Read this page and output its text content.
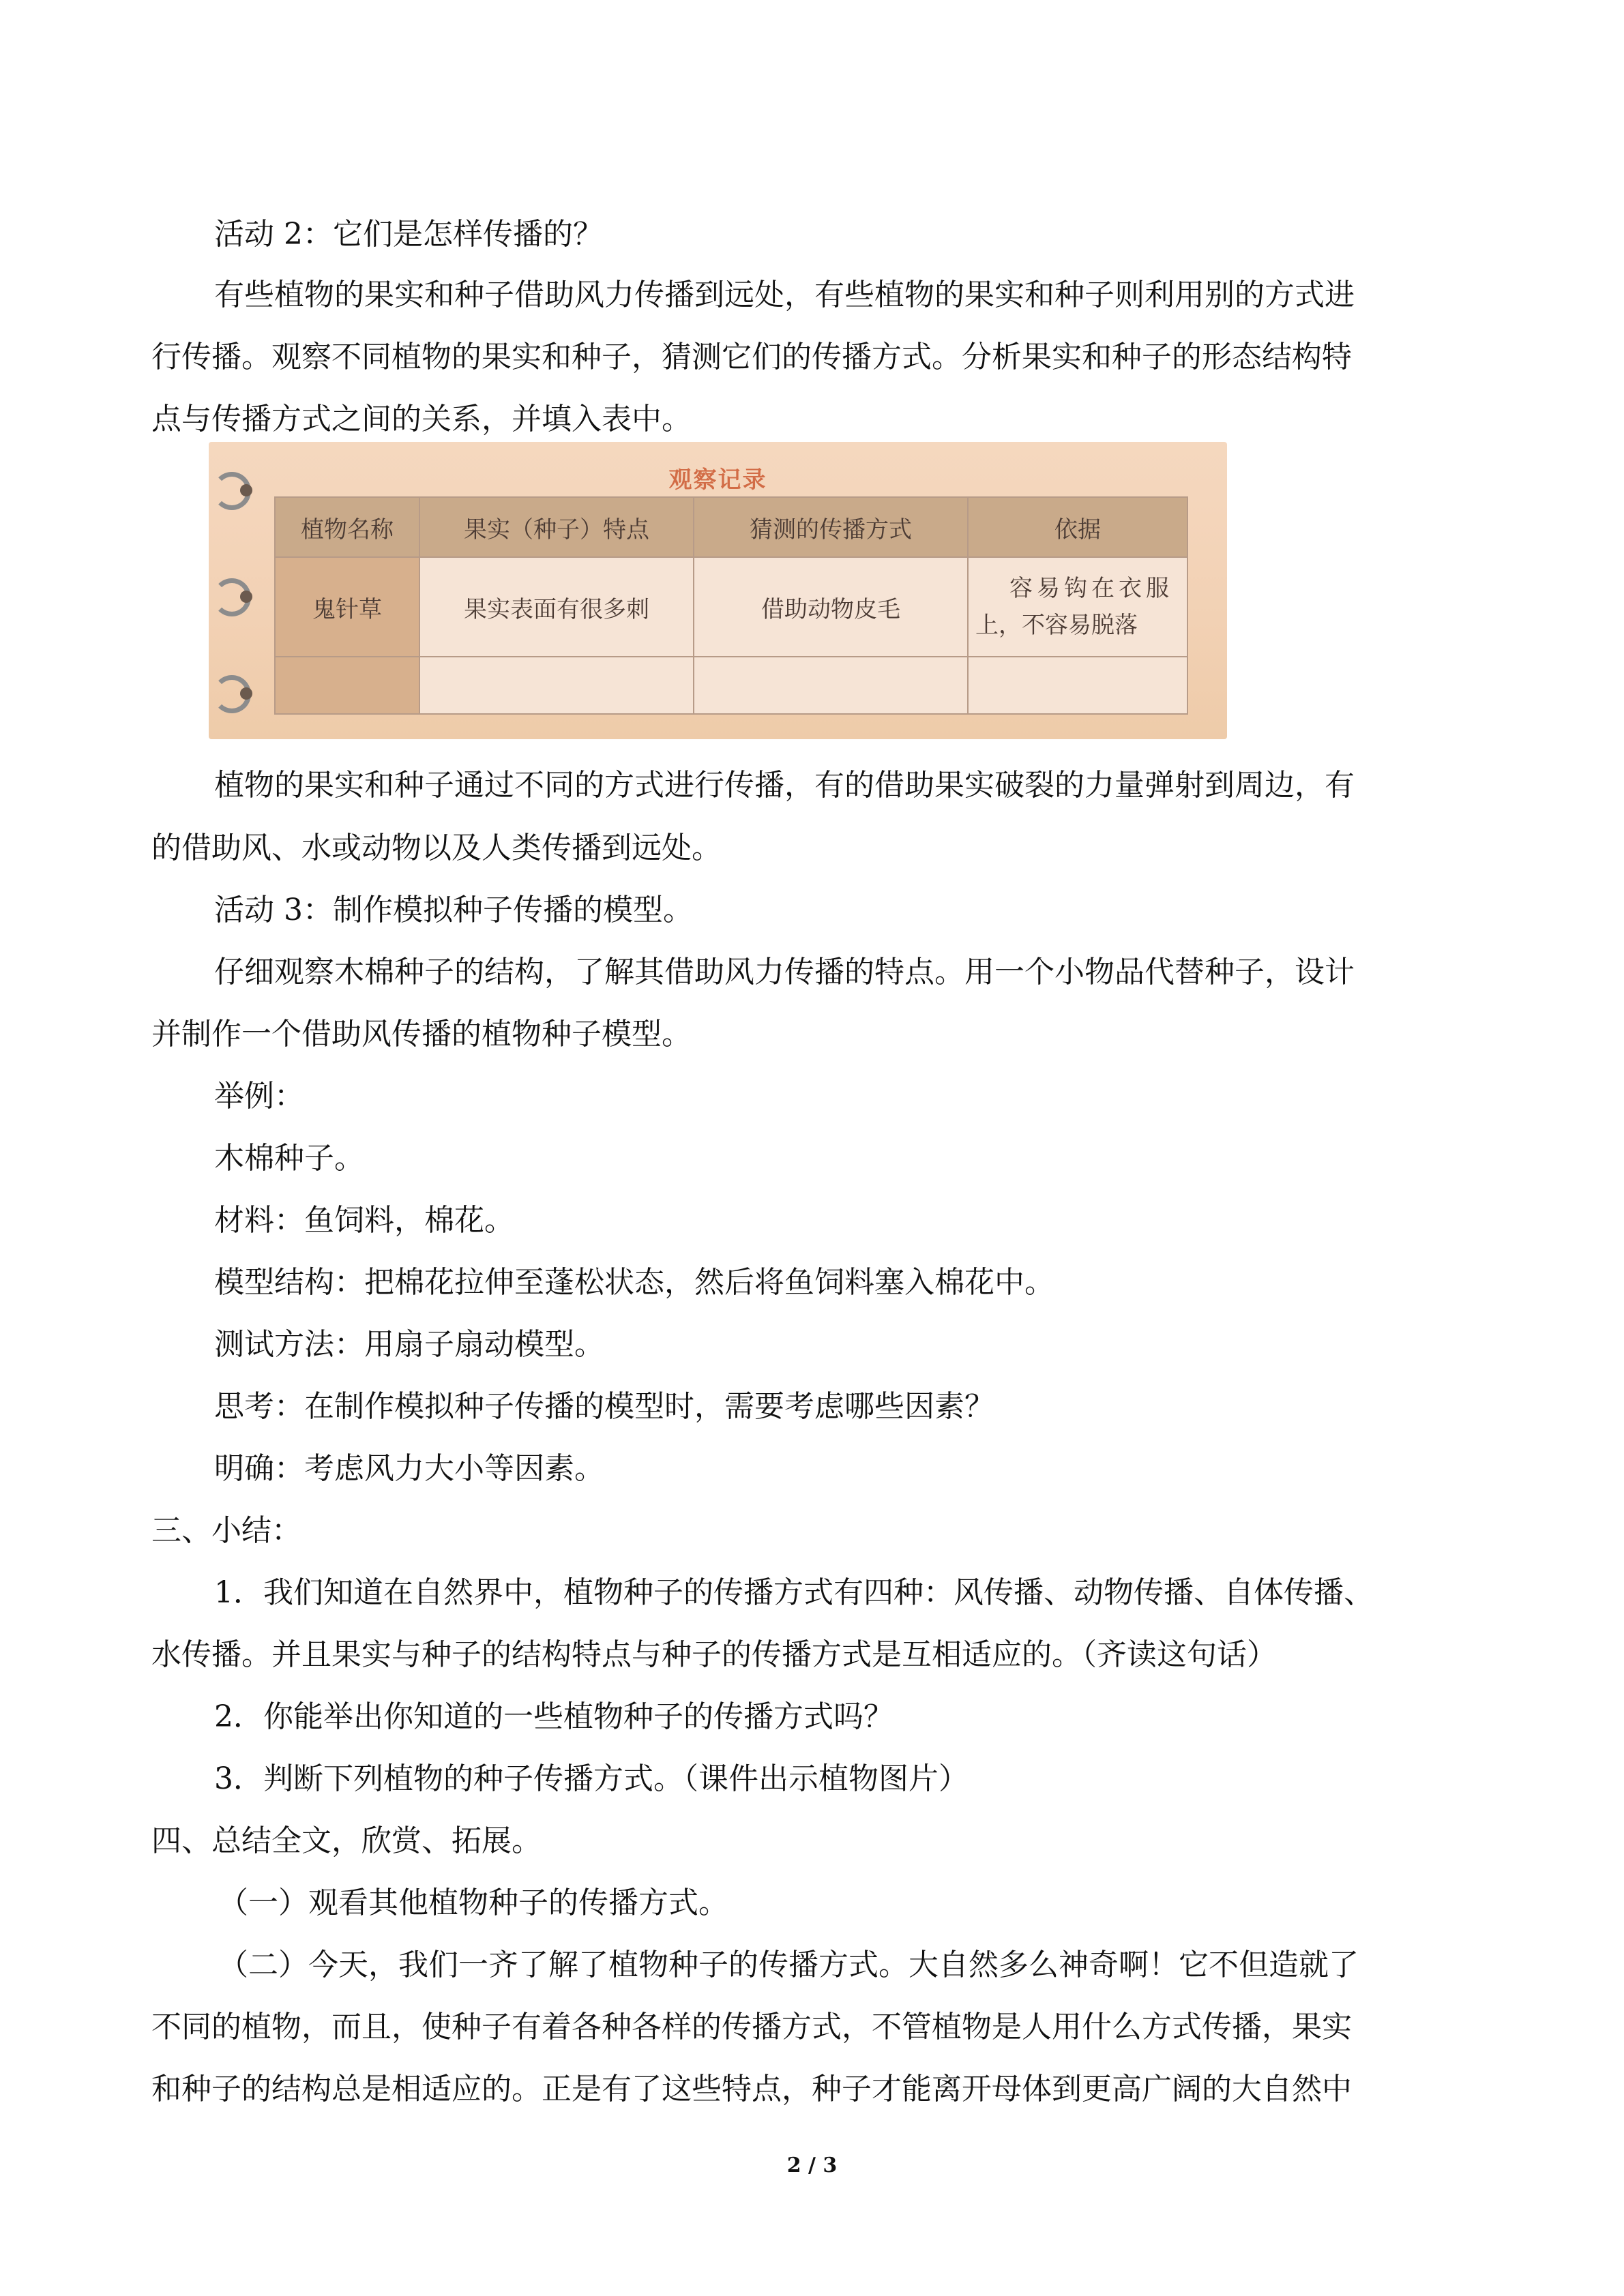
活动 2：它们是怎样传播的？
有些植物的果实和种子借助风力传播到远处，有些植物的果实和种子则利用别的方式进
行传播。观察不同植物的果实和种子，猜测它们的传播方式。分析果实和种子的形态结构特
点与传播方式之间的关系，并填入表中。
观察记录
植物名称	果实（种子）特点	猜测的传播方式	依据
鬼针草	果实表面有很多刺	借助动物皮毛	容易钩在衣服
上，不容易脱落

植物的果实和种子通过不同的方式进行传播，有的借助果实破裂的力量弹射到周边，有
的借助风、水或动物以及人类传播到远处。
活动 3：制作模拟种子传播的模型。
仔细观察木棉种子的结构，了解其借助风力传播的特点。用一个小物品代替种子，设计
并制作一个借助风传播的植物种子模型。
举例：
木棉种子。
材料：鱼饲料，棉花。
模型结构：把棉花拉伸至蓬松状态，然后将鱼饲料塞入棉花中。
测试方法：用扇子扇动模型。
思考：在制作模拟种子传播的模型时，需要考虑哪些因素？
明确：考虑风力大小等因素。
三、小结：
1．我们知道在自然界中，植物种子的传播方式有四种：风传播、动物传播、自体传播、
水传播。并且果实与种子的结构特点与种子的传播方式是互相适应的。（齐读这句话）
2．你能举出你知道的一些植物种子的传播方式吗？
3．判断下列植物的种子传播方式。（课件出示植物图片）
四、总结全文，欣赏、拓展。
（一）观看其他植物种子的传播方式。
（二）今天，我们一齐了解了植物种子的传播方式。大自然多么神奇啊！它不但造就了
不同的植物，而且，使种子有着各种各样的传播方式，不管植物是人用什么方式传播，果实
和种子的结构总是相适应的。正是有了这些特点，种子才能离开母体到更高广阔的大自然中
2 / 3
